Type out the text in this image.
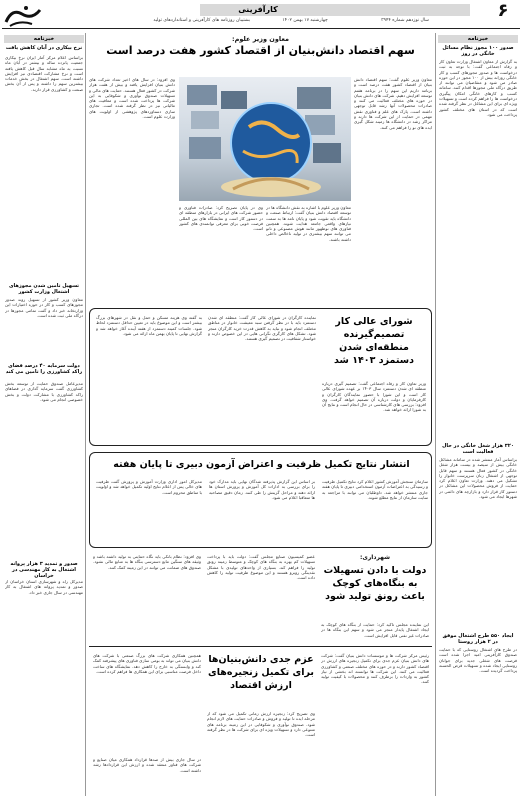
بشتیبان روزنامه های کارآفرینی و استانداردهای تولید	چهارشنبه ۱۷ بهمن ۱۴۰۲	سال نوزدهم شماره ۳۹۴۴
کارآفرینی	۶
خبرنامه
صدور ۱۰۰ مجوز نظام مسائل خانگی در روز
به گزارش از معاون اشتغال وزارت تعاون کار و رفاه اجتماعی گفت: با توجه به ثبت درخواست ها و صدور مجوزهای کسب و کار خانگی روزانه بیش از ۱۰۰ مجوز در این حوزه صادر می شود و متقاضیان می توانند از طریق درگاه ملی مجوزها اقدام کنند. سامانه کسب و کارهای خانگی امکان پیگیری درخواست ها را فراهم کرده است و تسهیلات ویژه ای برای این مشاغل در نظر گرفته شده است که در استان های مختلف کشور پرداخت می شود.
۳۲۰ هزار شغل خانگی در حال فعالیت است
براساس آمار منتشر شده در سامانه مشاغل خانگی بیش از سیصد و بیست هزار شغل خانگی در کشور فعال هستند و سهم قابل توجهی از اشتغال زنان سرپرست خانوار را تشکیل می دهند. وزارت تعاون اعلام کرد حمایت از فروش محصولات این مشاغل در دستور کار قرار دارد و بازارچه های دائمی در شهرها ایجاد می شود.
ایجاد ۵۵۰ طرح اشتغال موفق در ۲ هزار روستا
در طرح های اشتغال روستایی که با حمایت صندوق کارآفرینی امید اجرا شده است فرصت های شغلی جدید برای جوانان روستایی ایجاد شده و تسهیلات قرض الحسنه پرداخت گردیده است.
خبرنامه
نرخ بیکاری در آبان کاهش یافت
براساس اعلام مرکز آمار ایران نرخ بیکاری جمعیت پانزده ساله و بیشتر در آبان ماه نسبت به ماه مشابه سال قبل کاهش یافته است و نرخ مشارکت اقتصادی نیز افزایش داشته است. سهم اشتغال در بخش خدمات بیشترین سهم را داشته و پس از آن بخش صنعت و کشاورزی قرار دارند.
تسهیل تامین شدن مجوزهای اشتغال وزارت کشور
معاون وزیر کشور از تسهیل روند صدور مجوزهای کسب و کار در حوزه اختیارات این وزارتخانه خبر داد و گفت تمامی مجوزها در درگاه ملی ثبت شده است.
دولت سرمایه ۴۰ درصد فضای راکد کشاورزی را تامین می کند
مدیرعامل صندوق حمایت از توسعه بخش کشاورزی گفت سرمایه گذاری در فضاهای راکد کشاورزی با مشارکت دولت و بخش خصوصی انجام می شود.
صدور و تمدید ۳ هزار پروانه اشتغال به کار مهندسی در خراسان
مدیرکل راه و شهرسازی استان خراسان از صدور و تمدید پروانه های اشتغال به کار مهندسی در سال جاری خبر داد.
معاون وزیر علوم:
سهم اقتصاد دانش‌بنیان از اقتصاد کشور هفت درصد است
معاون وزیر علوم گفت: سهم اقتصاد دانش بنیان از اقتصاد کشور هفت درصد است و برنامه داریم این سهم را در برنامه هفتم توسعه افزایش دهیم. شرکت های دانش بنیان در حوزه های مختلف فعالیت می کنند و صادرات محصولات آنها رشد قابل توجهی داشته است. پارک های علم و فناوری نقش مهمی در حمایت از این شرکت ها دارند و مراکز رشد در دانشگاه ها زمینه شکل گیری ایده های نو را فراهم می کنند.
وی افزود: در سال های اخیر تعداد شرکت های دانش بنیان افزایش یافته و بیش از هفت هزار شرکت در کشور فعال هستند. حمایت های مالی و تسهیلات صندوق نوآوری و شکوفایی به این شرکت ها پرداخت شده است و معافیت های مالیاتی نیز در نظر گرفته شده است. تجاری سازی دستاوردهای پژوهشی از اولویت های وزارت علوم است.
معاون وزیر علوم با اشاره به نقش دانشگاه ها در توسعه اقتصاد دانش بنیان گفت: ارتباط صنعت و دانشگاه باید تقویت شود و پایان نامه ها به سمت نیازهای واقعی جامعه هدایت شوند. همچنین فناوری های نوظهور مانند هوش مصنوعی و نانو می توانند سهم بیشتری در تولید ناخالص داخلی داشته باشند.
وی در پایان تصریح کرد: صادرات فناوری و حضور شرکت های ایرانی در بازارهای منطقه ای در دستور کار است و نمایشگاه های بین المللی فرصت خوبی برای معرفی توانمندی های کشور است.
شورای عالی کار تصمیم‌گیرنده منطقه‌ای شدن دستمزد ۱۴۰۳ شد
وزیر تعاون کار و رفاه اجتماعی گفت: تصمیم گیری درباره منطقه ای شدن دستمزد سال ۱۴۰۳ بر عهده شورای عالی کار است و این شورا با حضور نمایندگان کارگران و کارفرمایان و دولت درباره آن تصمیم خواهد گرفت. وی افزود: بررسی های کارشناسی در حال انجام است و نتایج آن به شورا ارائه خواهد شد.
نماینده کارگران در شورای عالی کار گفت: منطقه ای شدن دستمزد باید با در نظر گرفتن سبد معیشت خانوار در مناطق مختلف انجام شود و نباید به کاهش قدرت خرید کارگران منجر شود. تشکل های کارگری نگرانی هایی در این خصوص دارند و خواستار شفافیت در تصمیم گیری هستند.
به گفته وی هزینه مسکن و حمل و نقل در شهرهای بزرگ بیشتر است و این موضوع باید در تعیین حداقل دستمزد لحاظ شود. جلسات کمیته دستمزد از هفته آینده آغاز خواهد شد و گزارش نهایی تا پایان بهمن ماه ارائه می شود.
انتشار نتایج تکمیل ظرفیت و اعتراض آزمون دبیری تا پایان هفته
سازمان سنجش آموزش کشور اعلام کرد نتایج تکمیل ظرفیت و رسیدگی به اعتراضات آزمون استخدامی دبیری تا پایان هفته جاری منتشر خواهد شد. داوطلبان می توانند با مراجعه به سایت سازمان از نتایج مطلع شوند.
بر اساس این گزارش پذیرفته شدگان نهایی باید مدارک خود را برای بررسی به ادارات کل آموزش و پرورش استان ها ارائه دهند و مراحل گزینش را طی کنند. زمان دقیق مصاحبه ها متعاقبا اعلام می شود.
مدیرکل امور اداری وزارت آموزش و پرورش گفت ظرفیت های خالی پس از اعلام نتایج اولیه تکمیل خواهد شد و اولویت با مناطق محروم است.
شهرداری:
دولت با دادن تسهیلات به بنگاه‌های کوچک باعث رونق تولید شود
عضو کمیسیون صنایع مجلس گفت: دولت باید با پرداخت تسهیلات کم بهره به بنگاه های کوچک و متوسط زمینه رونق تولید را فراهم کند. بسیاری از واحدهای تولیدی با مشکل نقدینگی روبرو هستند و این موضوع ظرفیت تولید را کاهش داده است.
وی افزود: نظام بانکی باید نگاه حمایتی به تولید داشته باشد و وثیقه های سنگین مانع دسترسی بنگاه ها به منابع مالی نشود. صندوق های ضمانت می توانند در این زمینه کمک کنند.
این نماینده مجلس تاکید کرد: حمایت از بنگاه های کوچک به ایجاد اشتغال پایدار منجر می شود و سهم این بنگاه ها در صادرات غیر نفتی قابل افزایش است.
عزم جدی دانش‌بنیان‌ها برای تکمیل زنجیره‌های ارزش اقتصاد
رئیس مرکز شرکت ها و موسسات دانش بنیان گفت: شرکت های دانش بنیان عزم جدی برای تکمیل زنجیره های ارزش در اقتصاد کشور دارند و در حوزه های مختلف صنعتی و کشاورزی فعالیت می کنند. این شرکت ها توانسته اند بخشی از نیاز کشور به واردات را برطرف کنند و محصولات با کیفیت تولید کنند.
وی تصریح کرد: زنجیره ارزش زمانی تکمیل می شود که از مرحله ایده تا تولید و فروش و صادرات حمایت های لازم انجام شود. صندوق نوآوری و شکوفایی در این زمینه برنامه های متنوعی دارد و تسهیلات ویژه ای برای شرکت ها در نظر گرفته است.
همچنین همکاری شرکت های بزرگ صنعتی با شرکت های دانش بنیان می تواند به بومی سازی فناوری های پیشرفته کمک کند و وابستگی به خارج را کاهش دهد. نمایشگاه های ساخت داخل فرصت مناسبی برای این همکاری ها فراهم کرده است.
در سال جاری بیش از صدها قرارداد همکاری میان صنایع و شرکت های فناور منعقد شده و ارزش این قراردادها رشد داشته است.
